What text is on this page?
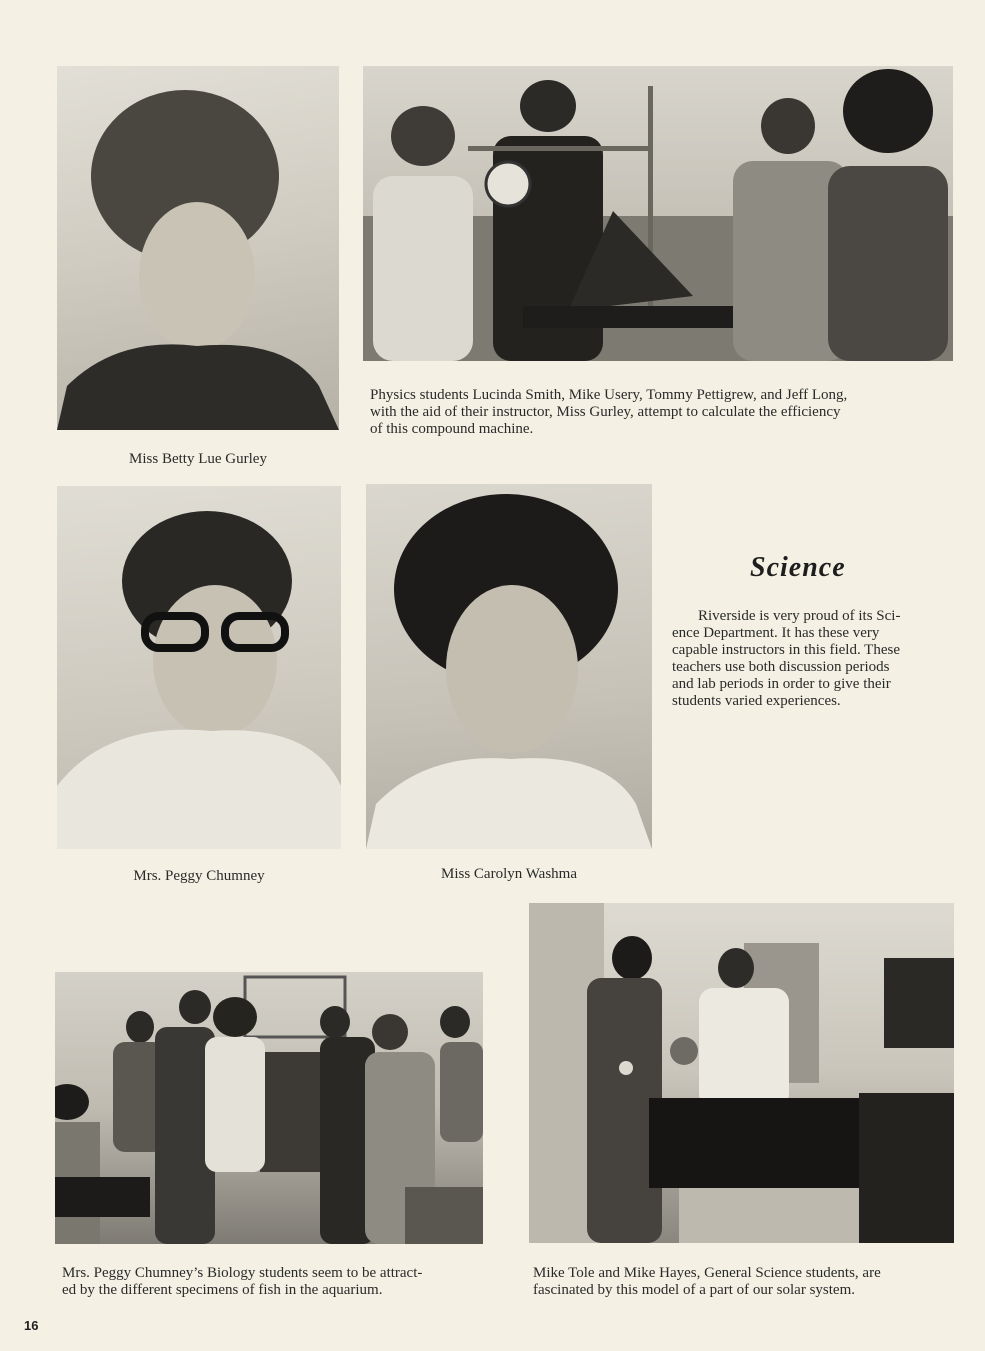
Miss Betty Lue Gurley
Physics students Lucinda Smith, Mike Usery, Tommy Pettigrew, and Jeff Long,
with the aid of their instructor, Miss Gurley, attempt to calculate the efficiency
of this compound machine.
Mrs. Peggy Chumney	Miss Carolyn Washma
Science
Riverside is very proud of its Sci-
ence Department. It has these very
capable instructors in this field. These
teachers use both discussion periods
and lab periods in order to give their
students varied experiences.
Mrs. Peggy Chumney’s Biology students seem to be attract-
ed by the different specimens of fish in the aquarium.
Mike Tole and Mike Hayes, General Science students, are
fascinated by this model of a part of our solar system.
16
